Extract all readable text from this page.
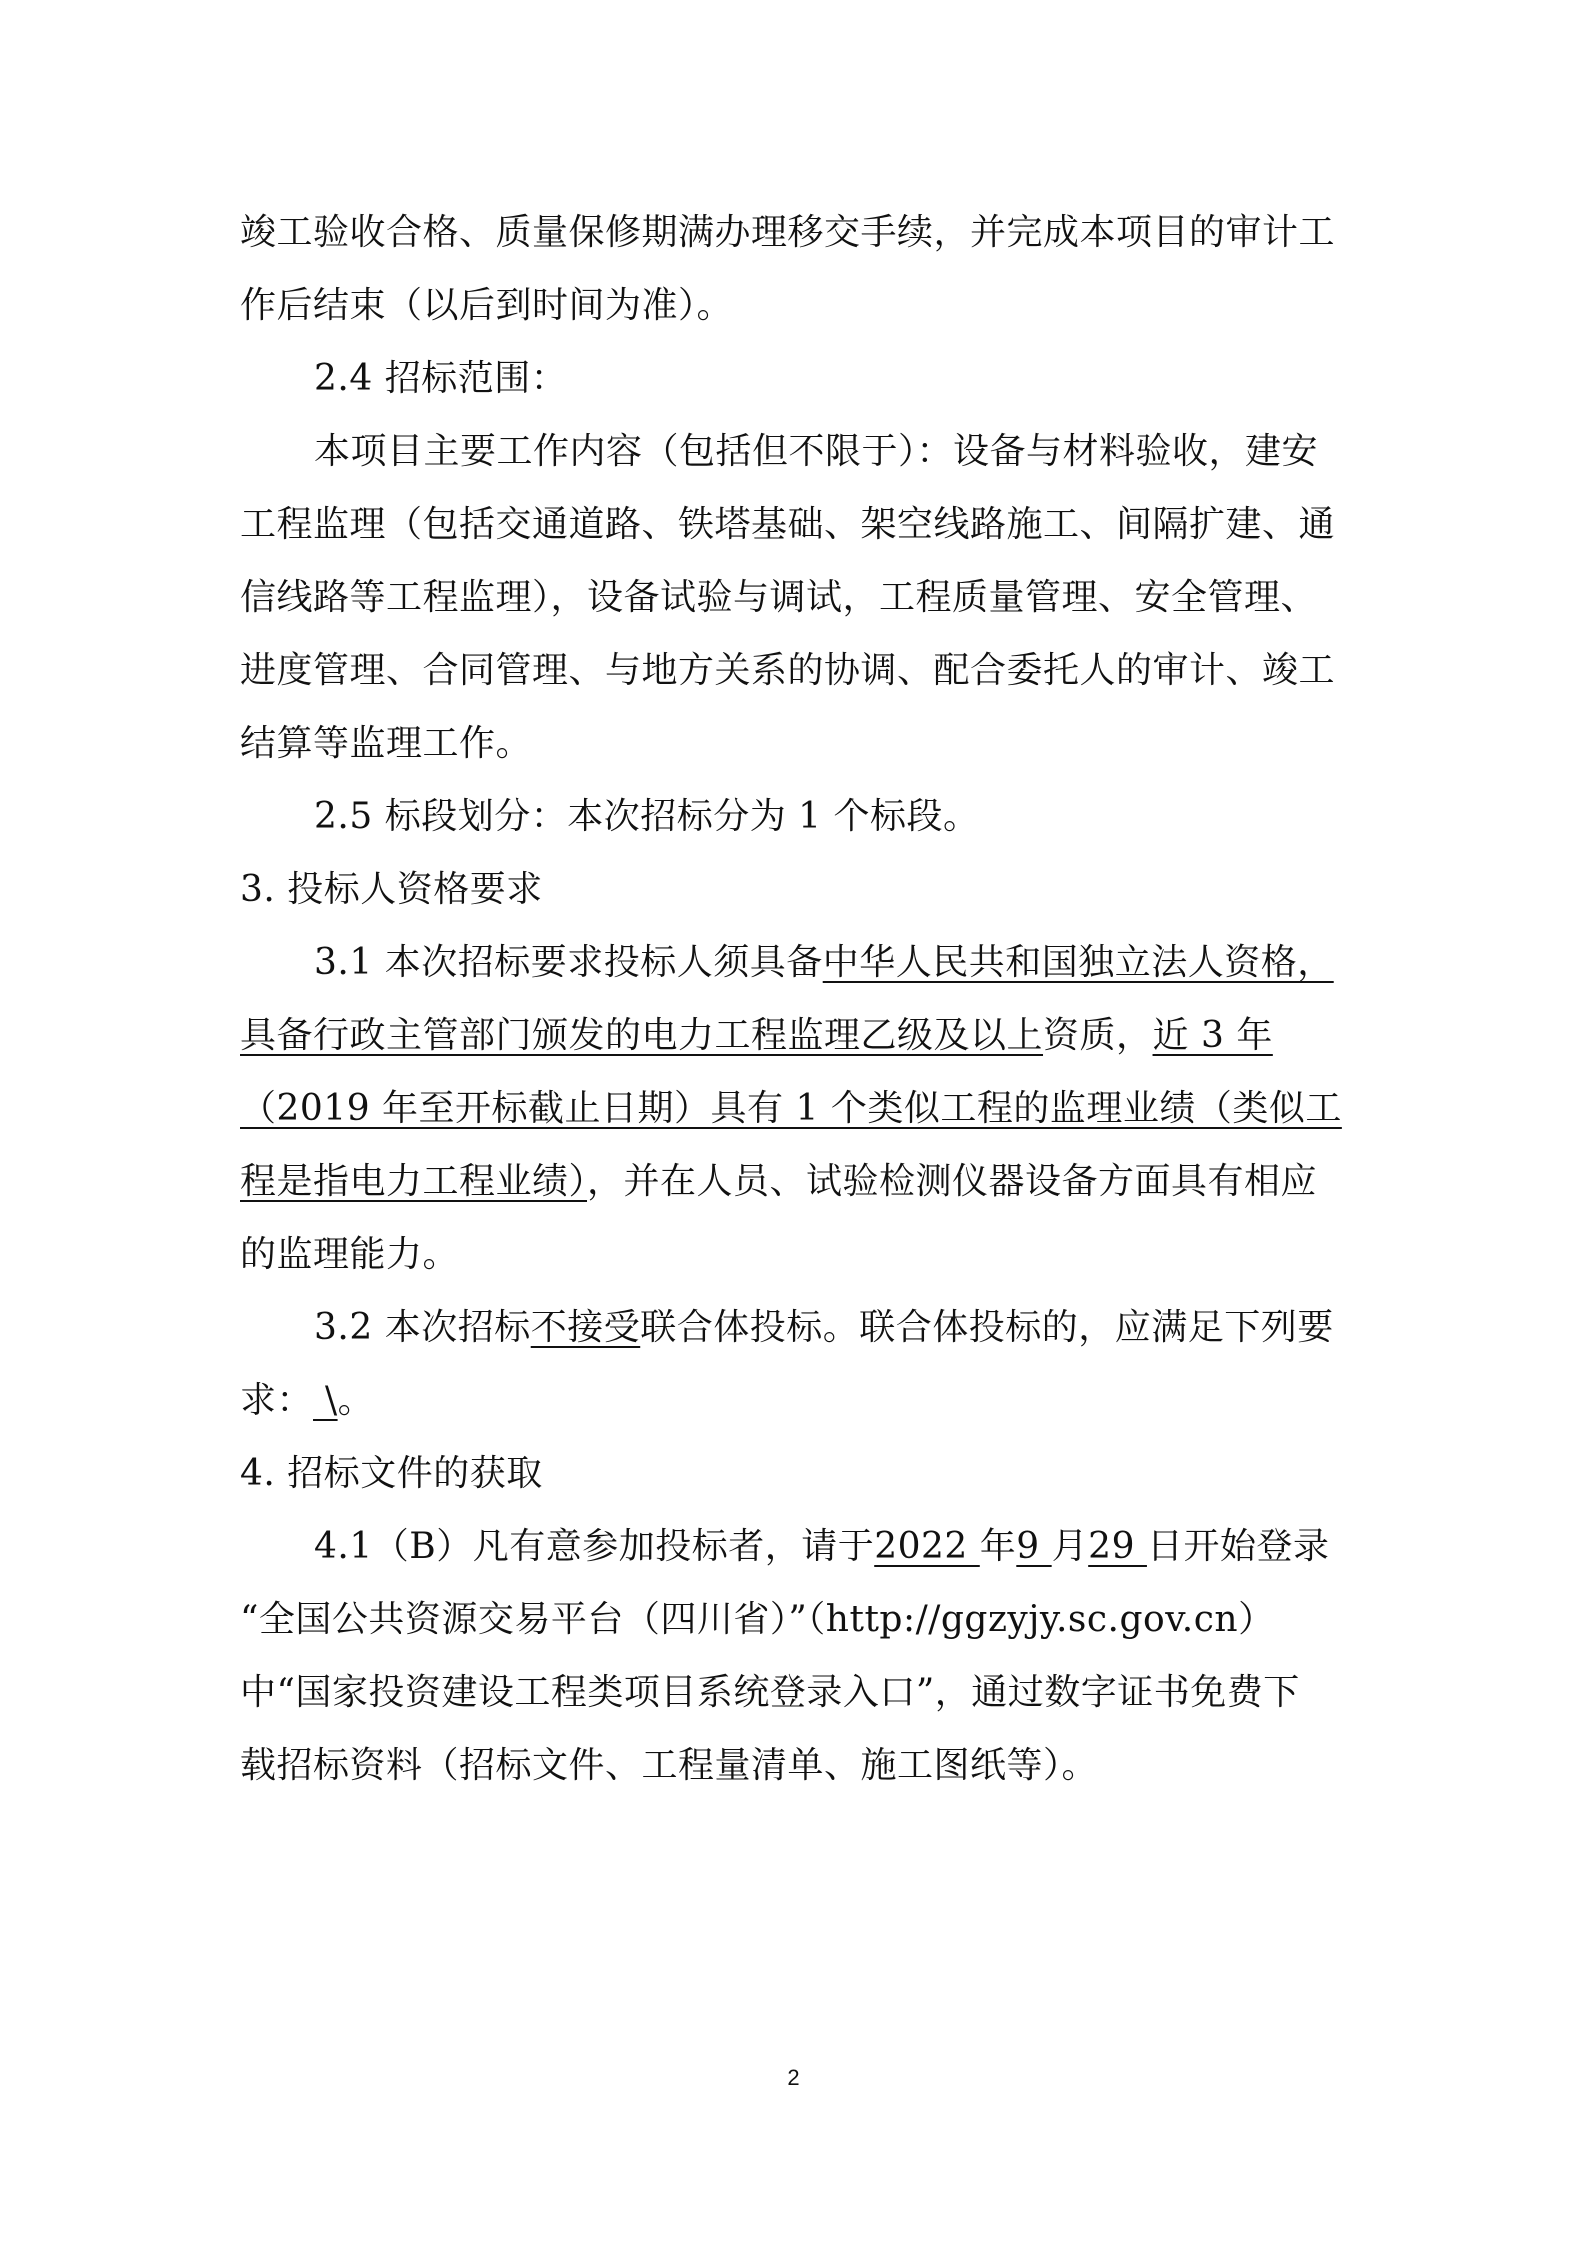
竣工验收合格、质量保修期满办理移交手续，并完成本项目的审计工
作后结束（以后到时间为准）。
2.4 招标范围：
本项目主要工作内容（包括但不限于）：设备与材料验收，建安
工程监理（包括交通道路、铁塔基础、架空线路施工、间隔扩建、通
信线路等工程监理），设备试验与调试，工程质量管理、安全管理、
进度管理、合同管理、与地方关系的协调、配合委托人的审计、竣工
结算等监理工作。
2.5 标段划分：本次招标分为 1 个标段。
3. 投标人资格要求
3.1 本次招标要求投标人须具备中华人民共和国独立法人资格，
具备行政主管部门颁发的电力工程监理乙级及以上资质，近 3 年
（2019 年至开标截止日期）具有 1 个类似工程的监理业绩（类似工
程是指电力工程业绩），并在人员、试验检测仪器设备方面具有相应
的监理能力。
3.2 本次招标不接受联合体投标。联合体投标的，应满足下列要
求： \。
4. 招标文件的获取
4.1（B）凡有意参加投标者，请于2022 年9 月29 日开始登录
“全国公共资源交易平台（四川省）”（http://ggzyjy.sc.gov.cn）
中“国家投资建设工程类项目系统登录入口”，通过数字证书免费下
载招标资料（招标文件、工程量清单、施工图纸等）。
2
